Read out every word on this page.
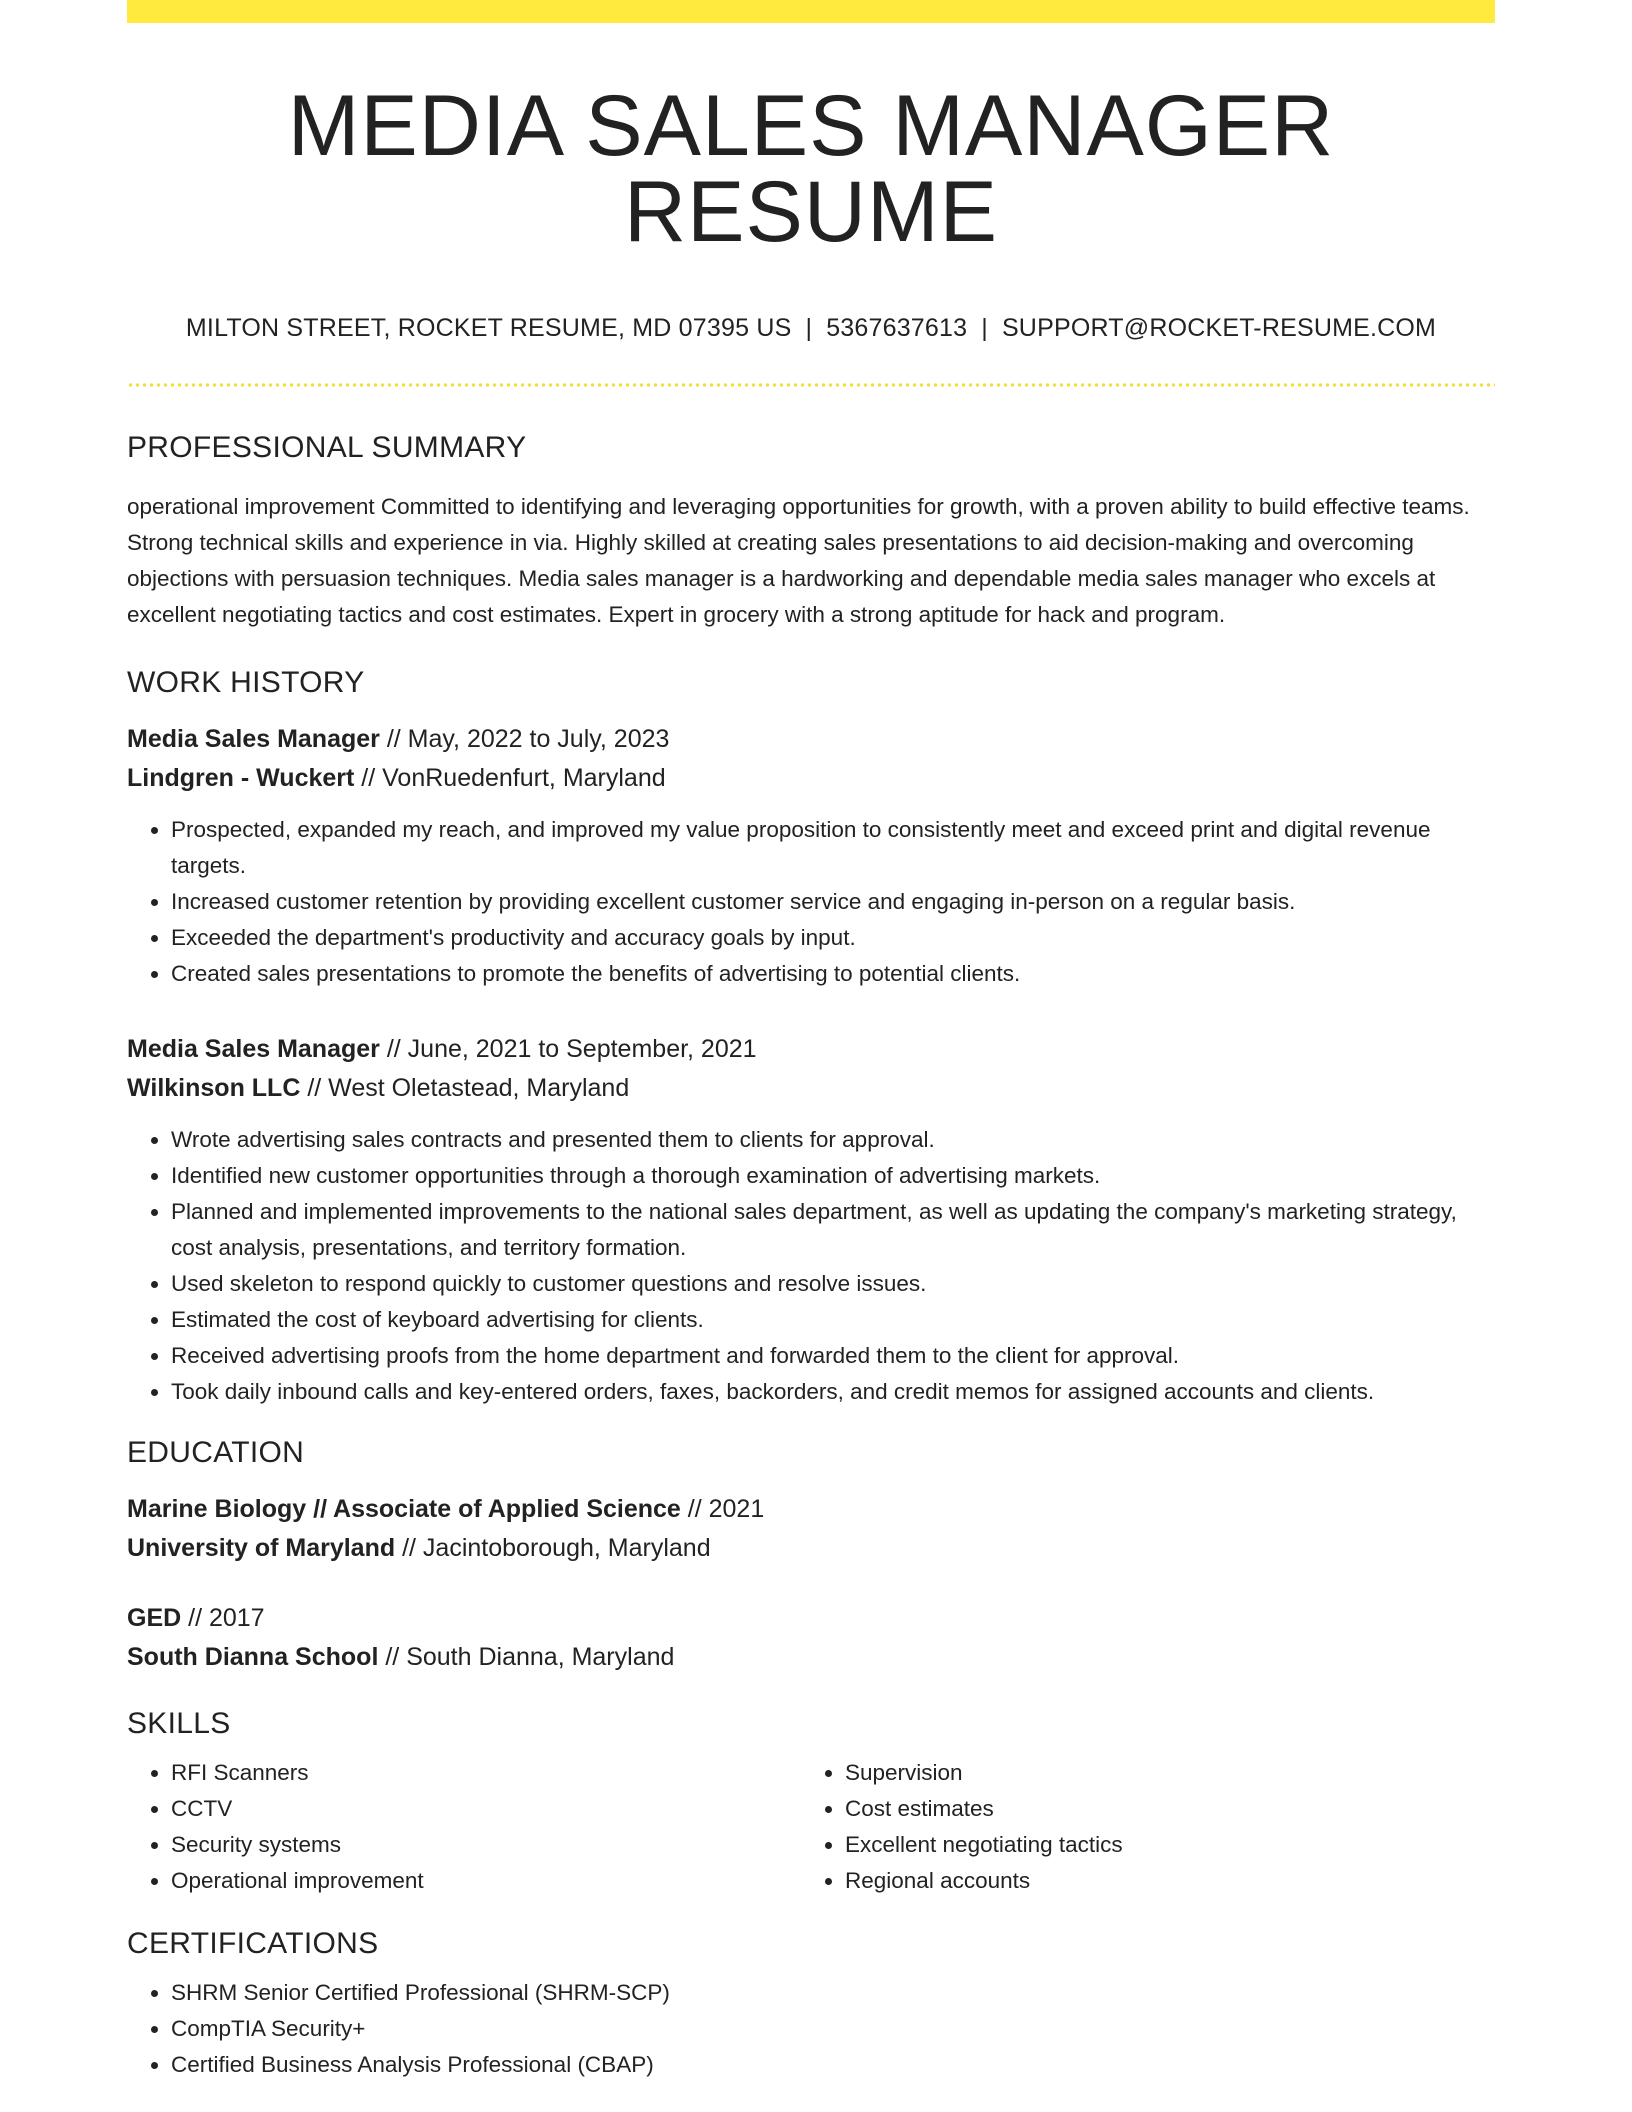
MEDIA SALES MANAGER RESUME
MILTON STREET, ROCKET RESUME, MD 07395 US | 5367637613 | SUPPORT@ROCKET-RESUME.COM
PROFESSIONAL SUMMARY

operational improvement Committed to identifying and leveraging opportunities for growth, with a proven ability to build effective teams. Strong technical skills and experience in via. Highly skilled at creating sales presentations to aid decision-making and overcoming objections with persuasion techniques. Media sales manager is a hardworking and dependable media sales manager who excels at excellent negotiating tactics and cost estimates. Expert in grocery with a strong aptitude for hack and program.

WORK HISTORY
Media Sales Manager // May, 2022 to July, 2023
Lindgren - Wuckert // VonRuedenfurt, Maryland
• Prospected, expanded my reach, and improved my value proposition to consistently meet and exceed print and digital revenue targets.
• Increased customer retention by providing excellent customer service and engaging in-person on a regular basis.
• Exceeded the department's productivity and accuracy goals by input.
• Created sales presentations to promote the benefits of advertising to potential clients.
Media Sales Manager // June, 2021 to September, 2021
Wilkinson LLC // West Oletastead, Maryland
• Wrote advertising sales contracts and presented them to clients for approval.
• Identified new customer opportunities through a thorough examination of advertising markets.
• Planned and implemented improvements to the national sales department, as well as updating the company's marketing strategy, cost analysis, presentations, and territory formation.
• Used skeleton to respond quickly to customer questions and resolve issues.
• Estimated the cost of keyboard advertising for clients.
• Received advertising proofs from the home department and forwarded them to the client for approval.
• Took daily inbound calls and key-entered orders, faxes, backorders, and credit memos for assigned accounts and clients.
EDUCATION
Marine Biology // Associate of Applied Science // 2021
University of Maryland // Jacintoborough, Maryland
GED // 2017
South Dianna School // South Dianna, Maryland
SKILLS
• RFI Scanners
• CCTV
• Security systems
• Operational improvement
• Supervision
• Cost estimates
• Excellent negotiating tactics
• Regional accounts
CERTIFICATIONS
• SHRM Senior Certified Professional (SHRM-SCP)
• CompTIA Security+
• Certified Business Analysis Professional (CBAP)
